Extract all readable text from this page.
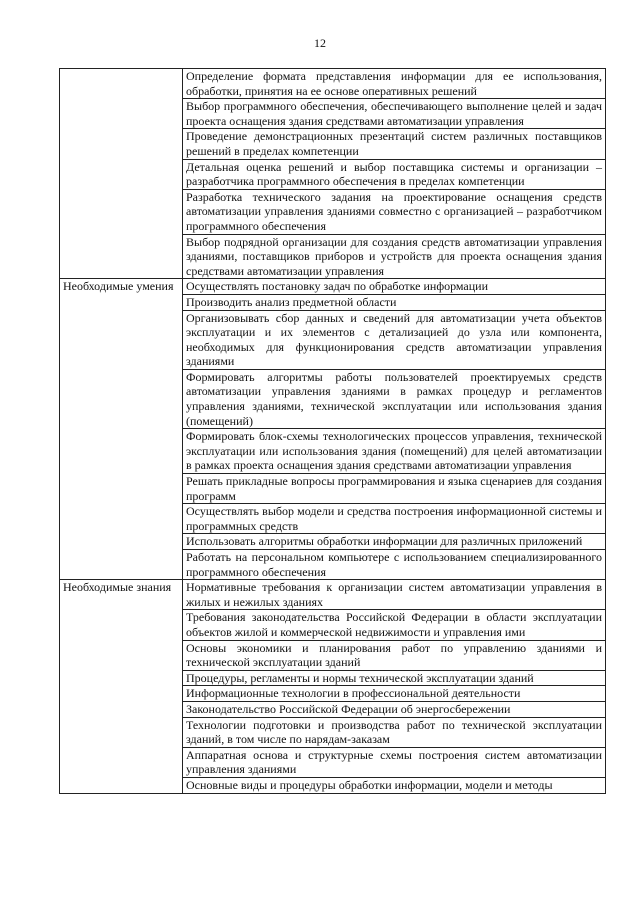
12
	Определение формата представления информации для ее использования, обработки, принятия на ее основе оперативных решений
	Выбор программного обеспечения, обеспечивающего выполнение целей и задач проекта оснащения здания средствами автоматизации управления
	Проведение демонстрационных презентаций систем различных поставщиков решений в пределах компетенции
	Детальная оценка решений и выбор поставщика системы и организации – разработчика программного обеспечения в пределах компетенции
	Разработка технического задания на проектирование оснащения средств автоматизации управления зданиями совместно с организацией – разработчиком программного обеспечения
	Выбор подрядной организации для создания средств автоматизации управления зданиями, поставщиков приборов и устройств для проекта оснащения здания средствами автоматизации управления
Необходимые умения	Осуществлять постановку задач по обработке информации
	Производить анализ предметной области
	Организовывать сбор данных и сведений для автоматизации учета объектов эксплуатации и их элементов с детализацией до узла или компонента, необходимых для функционирования средств автоматизации управления зданиями
	Формировать алгоритмы работы пользователей проектируемых средств автоматизации управления зданиями в рамках процедур и регламентов управления зданиями, технической эксплуатации или использования здания (помещений)
	Формировать блок-схемы технологических процессов управления, технической эксплуатации или использования здания (помещений) для целей автоматизации в рамках проекта оснащения здания средствами автоматизации управления
	Решать прикладные вопросы программирования и языка сценариев для создания программ
	Осуществлять выбор модели и средства построения информационной системы и программных средств
	Использовать алгоритмы обработки информации для различных приложений
	Работать на персональном компьютере с использованием специализированного программного обеспечения
Необходимые знания	Нормативные требования к организации систем автоматизации управления в жилых и нежилых зданиях
	Требования законодательства Российской Федерации в области эксплуатации объектов жилой и коммерческой недвижимости и управления ими
	Основы экономики и планирования работ по управлению зданиями и технической эксплуатации зданий
	Процедуры, регламенты и нормы технической эксплуатации зданий
	Информационные технологии в профессиональной деятельности
	Законодательство Российской Федерации об энергосбережении
	Технологии подготовки и производства работ по технической эксплуатации зданий, в том числе по нарядам-заказам
	Аппаратная основа и структурные схемы построения систем автоматизации управления зданиями
	Основные виды и процедуры обработки информации, модели и методы
